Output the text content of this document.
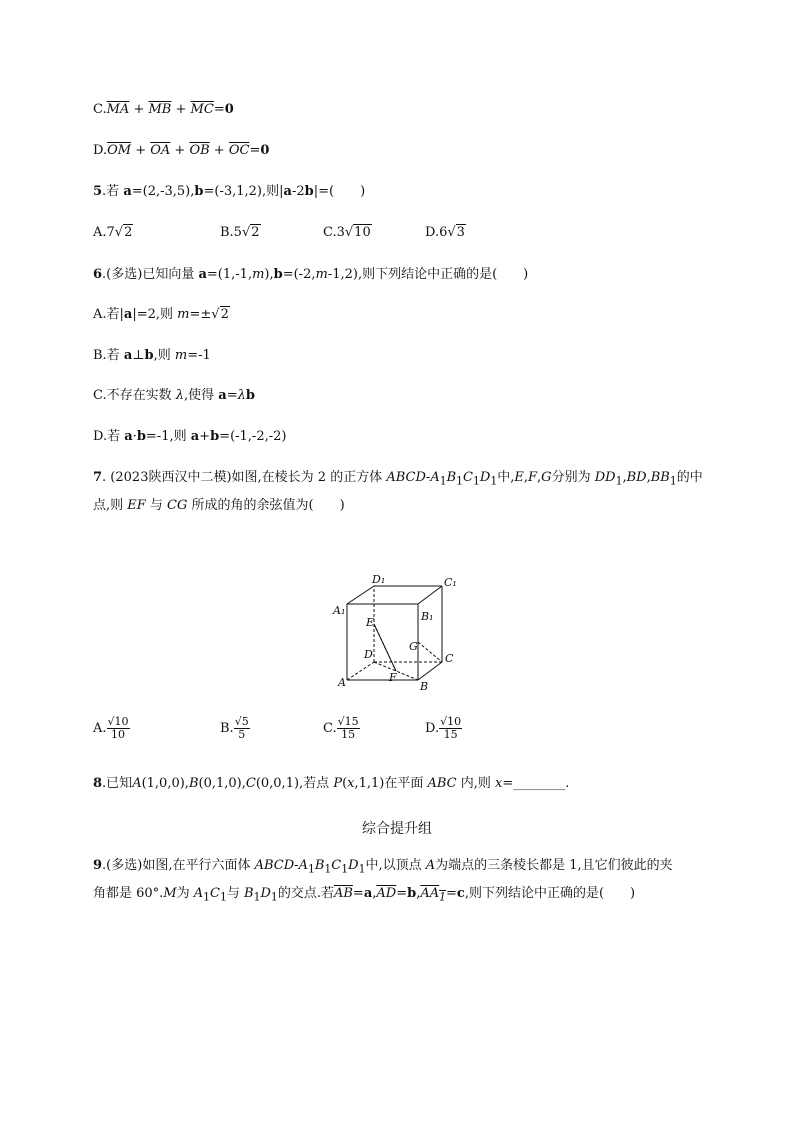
$C.\overline{MA} + \overline{MB} + \overline{MC}=0$
$D.\overline{OM} + \overline{OA} + \overline{OB} + \overline{OC}=0$
5.若 a=(2,-3,5),b=(-3,1,2),则|a-2b|=(　　)
A.7√2	B.5√2	C.3√10	D.6√3
6.(多选)已知向量 a=(1,-1,m),b=(-2,m-1,2),则下列结论中正确的是(　　)
A.若|a|=2,则 m=±√2
B.若 a⊥b,则 m=-1
C.不存在实数 λ,使得 a=λb
D.若 a·b=-1,则 a+b=(-1,-2,-2)
7. (2023陕西汉中二模)如图,在棱长为 2 的正方体 ABCD-$A_1B_1C_1D_1$中,E,F,G分别为 $DD_1,BD,BB_1$的中
点,则 EF 与 CG 所成的角的余弦值为(　　)
D₁	C₁
A₁	B₁
E
D
G
C
A	F
B
A. $\frac{√10}{10}$	B. $\frac{√5}{5}$	C. $\frac{√15}{15}$	D. $\frac{√10}{15}$
8.已知A(1,0,0),B(0,1,0),C(0,0,1),若点 P(x,1,1)在平面 ABC 内,则 x=________.
综合提升组
9.(多选)如图,在平行六面体 ABCD-$A_1B_1C_1D_1$中,以顶点 A为端点的三条棱长都是 1,且它们彼此的夹
角都是 60°.M为 $A_1C_1$与 $B_1D_1$的交点.若$\overline{AB}=a,\overline{AD}=b,AA_1=c$,则下列结论中正确的是(　　)
